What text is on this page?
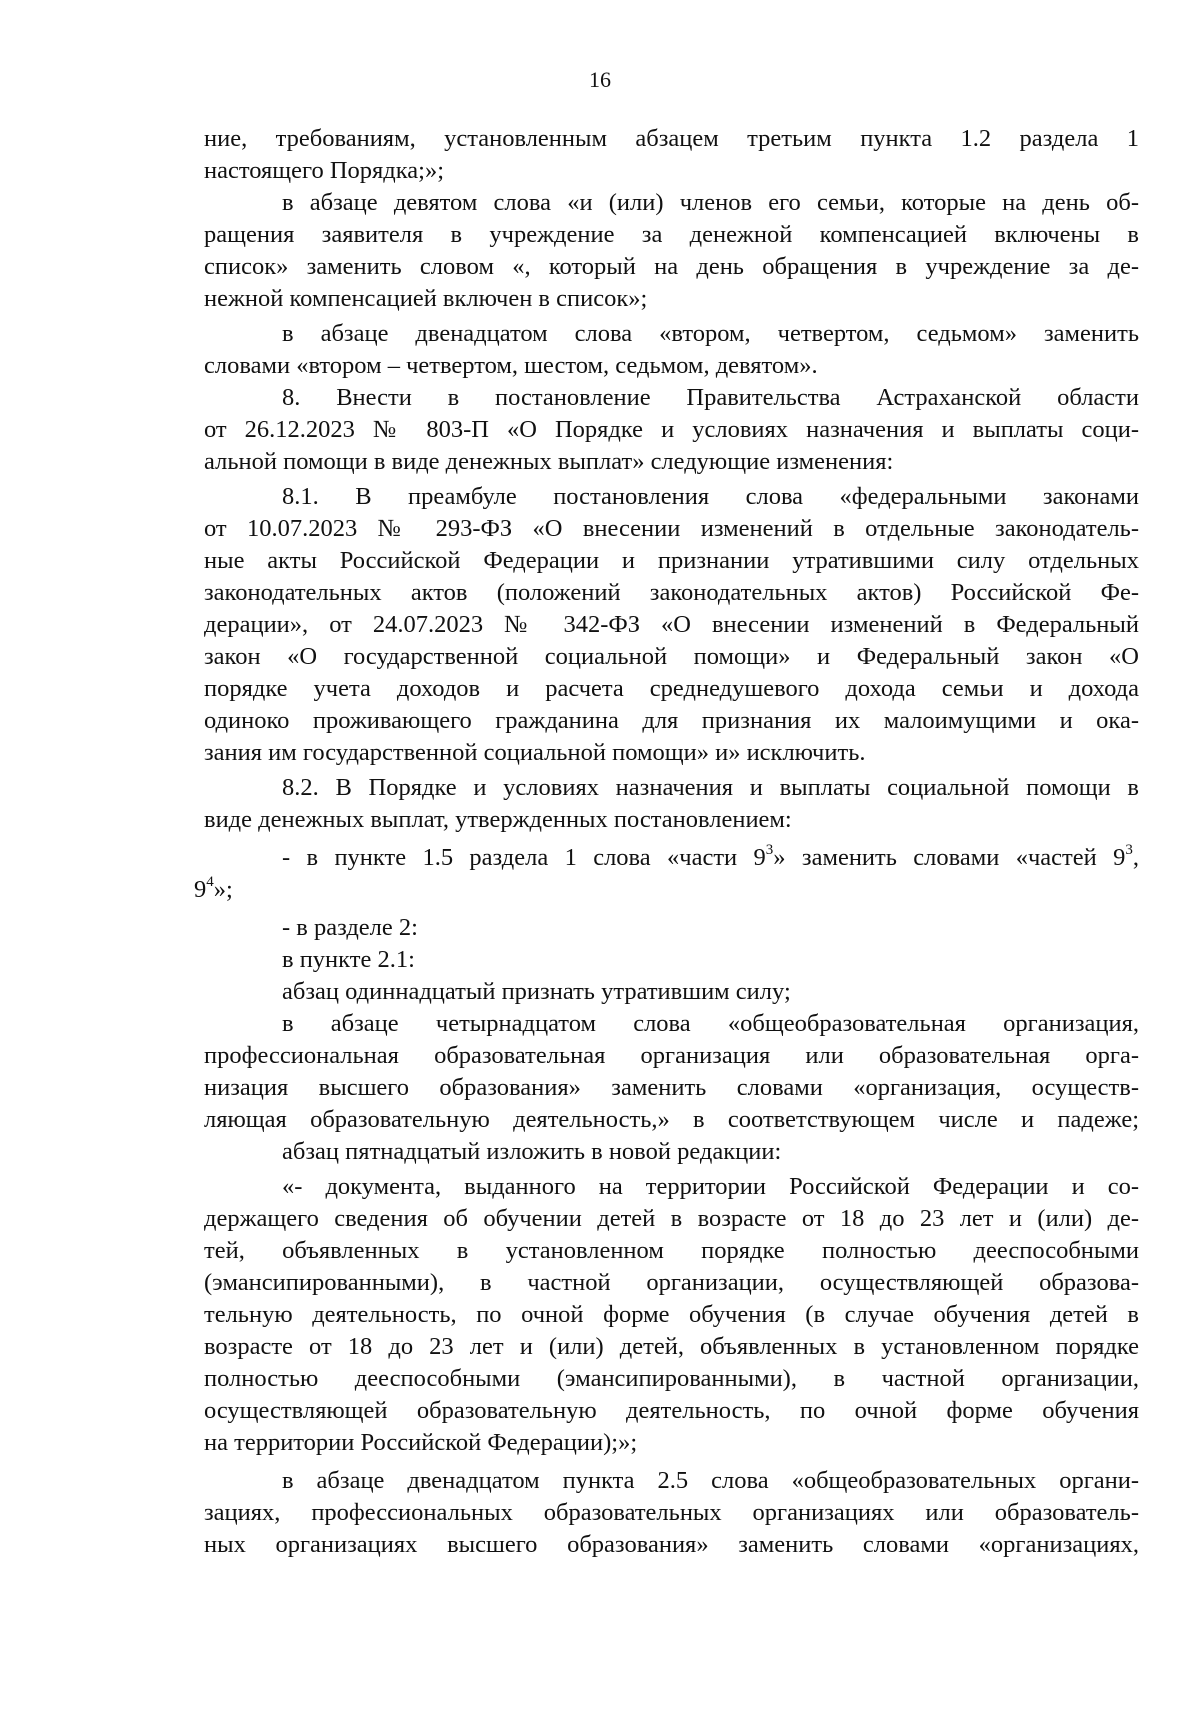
16
ние, требованиям, установленным абзацем третьим пункта 1.2 раздела 1
настоящего Порядка;»;
в абзаце девятом слова «и (или) членов его семьи, которые на день об-
ращения заявителя в учреждение за денежной компенсацией включены в
список» заменить словом «, который на день обращения в учреждение за де-
нежной компенсацией включен в список»;
в абзаце двенадцатом слова «втором, четвертом, седьмом» заменить
словами «втором – четвертом, шестом, седьмом, девятом».
8. Внести в постановление Правительства Астраханской области
от 26.12.2023 № 803-П «О Порядке и условиях назначения и выплаты соци-
альной помощи в виде денежных выплат» следующие изменения:
8.1. В преамбуле постановления слова «федеральными законами
от 10.07.2023 № 293-ФЗ «О внесении изменений в отдельные законодатель-
ные акты Российской Федерации и признании утратившими силу отдельных
законодательных актов (положений законодательных актов) Российской Фе-
дерации», от 24.07.2023 № 342-ФЗ «О внесении изменений в Федеральный
закон «О государственной социальной помощи» и Федеральный закон «О
порядке учета доходов и расчета среднедушевого дохода семьи и дохода
одиноко проживающего гражданина для признания их малоимущими и ока-
зания им государственной социальной помощи» и» исключить.
8.2. В Порядке и условиях назначения и выплаты социальной помощи в
виде денежных выплат, утвержденных постановлением:
- в пункте 1.5 раздела 1 слова «части $9^3$» заменить словами «частей $9^3$,
$9^4$»;
- в разделе 2:
в пункте 2.1:
абзац одиннадцатый признать утратившим силу;
в абзаце четырнадцатом слова «общеобразовательная организация,
профессиональная образовательная организация или образовательная орга-
низация высшего образования» заменить словами «организация, осуществ-
ляющая образовательную деятельность,» в соответствующем числе и падеже;
абзац пятнадцатый изложить в новой редакции:
«- документа, выданного на территории Российской Федерации и со-
держащего сведения об обучении детей в возрасте от 18 до 23 лет и (или) де-
тей, объявленных в установленном порядке полностью дееспособными
(эмансипированными), в частной организации, осуществляющей образова-
тельную деятельность, по очной форме обучения (в случае обучения детей в
возрасте от 18 до 23 лет и (или) детей, объявленных в установленном порядке
полностью дееспособными (эмансипированными), в частной организации,
осуществляющей образовательную деятельность, по очной форме обучения
на территории Российской Федерации);»;
в абзаце двенадцатом пункта 2.5 слова «общеобразовательных органи-
зациях, профессиональных образовательных организациях или образователь-
ных организациях высшего образования» заменить словами «организациях,
